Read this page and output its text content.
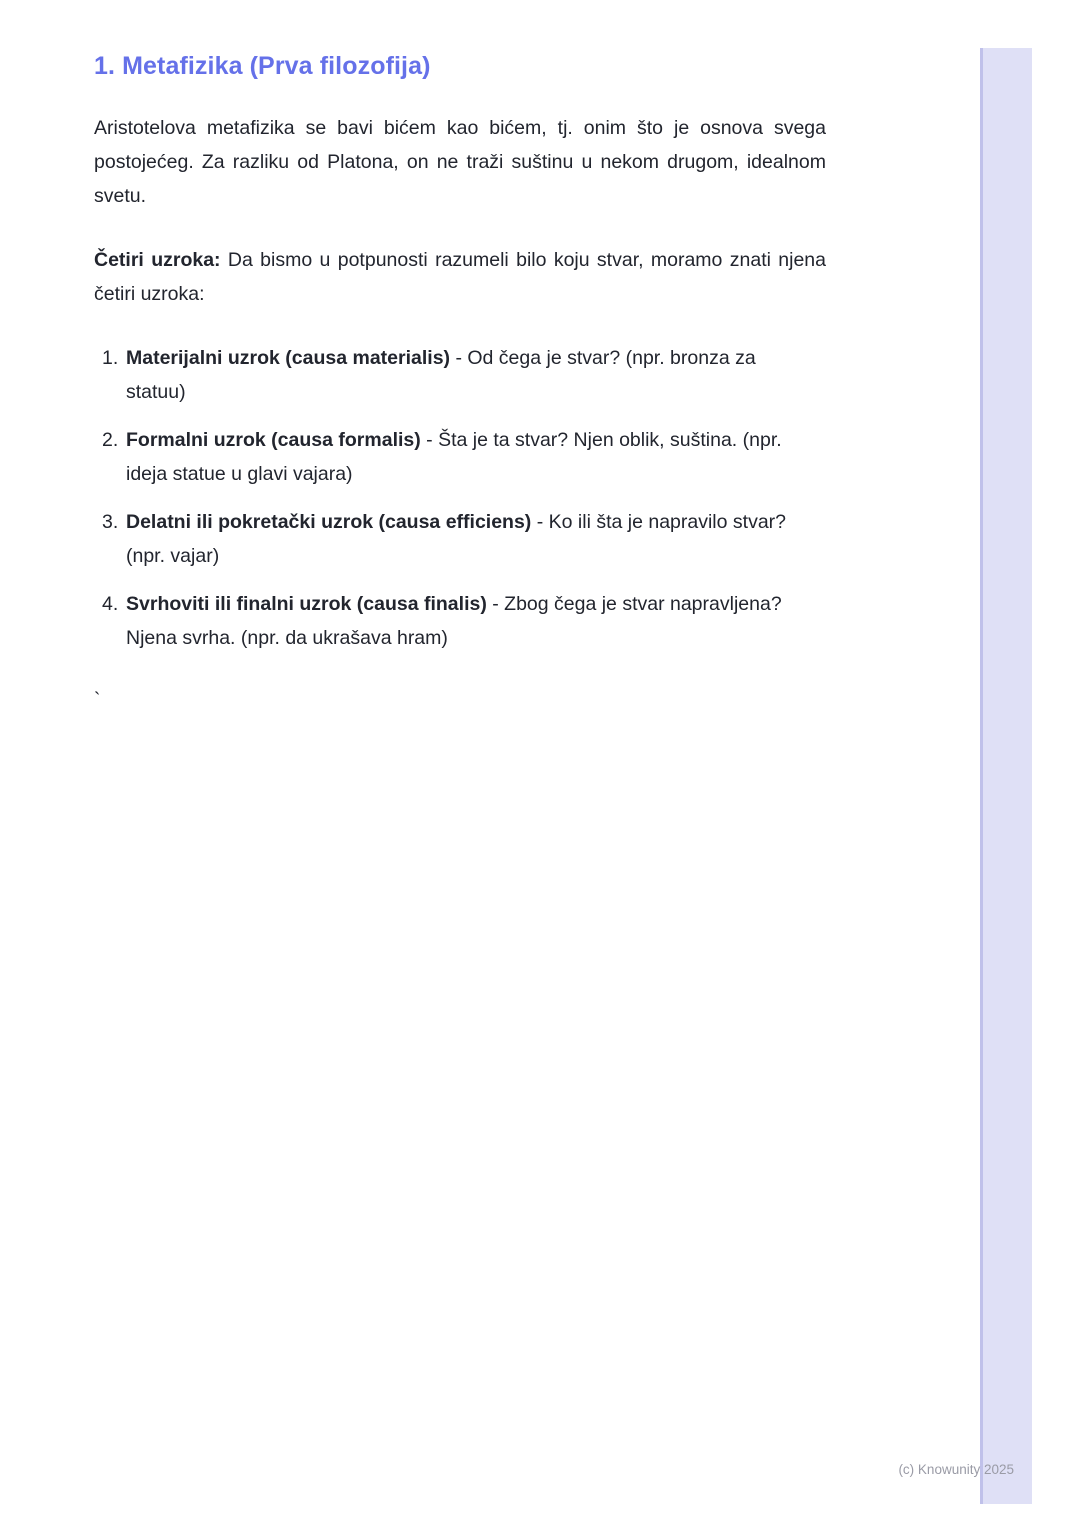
1. Metafizika (Prva filozofija)

Aristotelova metafizika se bavi bićem kao bićem, tj. onim što je osnova svega postojećeg. Za razliku od Platona, on ne traži suštinu u nekom drugom, idealnom svetu.

Četiri uzroka: Da bismo u potpunosti razumeli bilo koju stvar, moramo znati njena četiri uzroka:

1. Materijalni uzrok (causa materialis) - Od čega je stvar? (npr. bronza za statuu)
2. Formalni uzrok (causa formalis) - Šta je ta stvar? Njen oblik, suština. (npr. ideja statue u glavi vajara)
3. Delatni ili pokretački uzrok (causa efficiens) - Ko ili šta je napravilo stvar? (npr. vajar)
4. Svrhoviti ili finalni uzrok (causa finalis) - Zbog čega je stvar napravljena? Njena svrha. (npr. da ukrašava hram)
`
(c) Knowunity 2025
